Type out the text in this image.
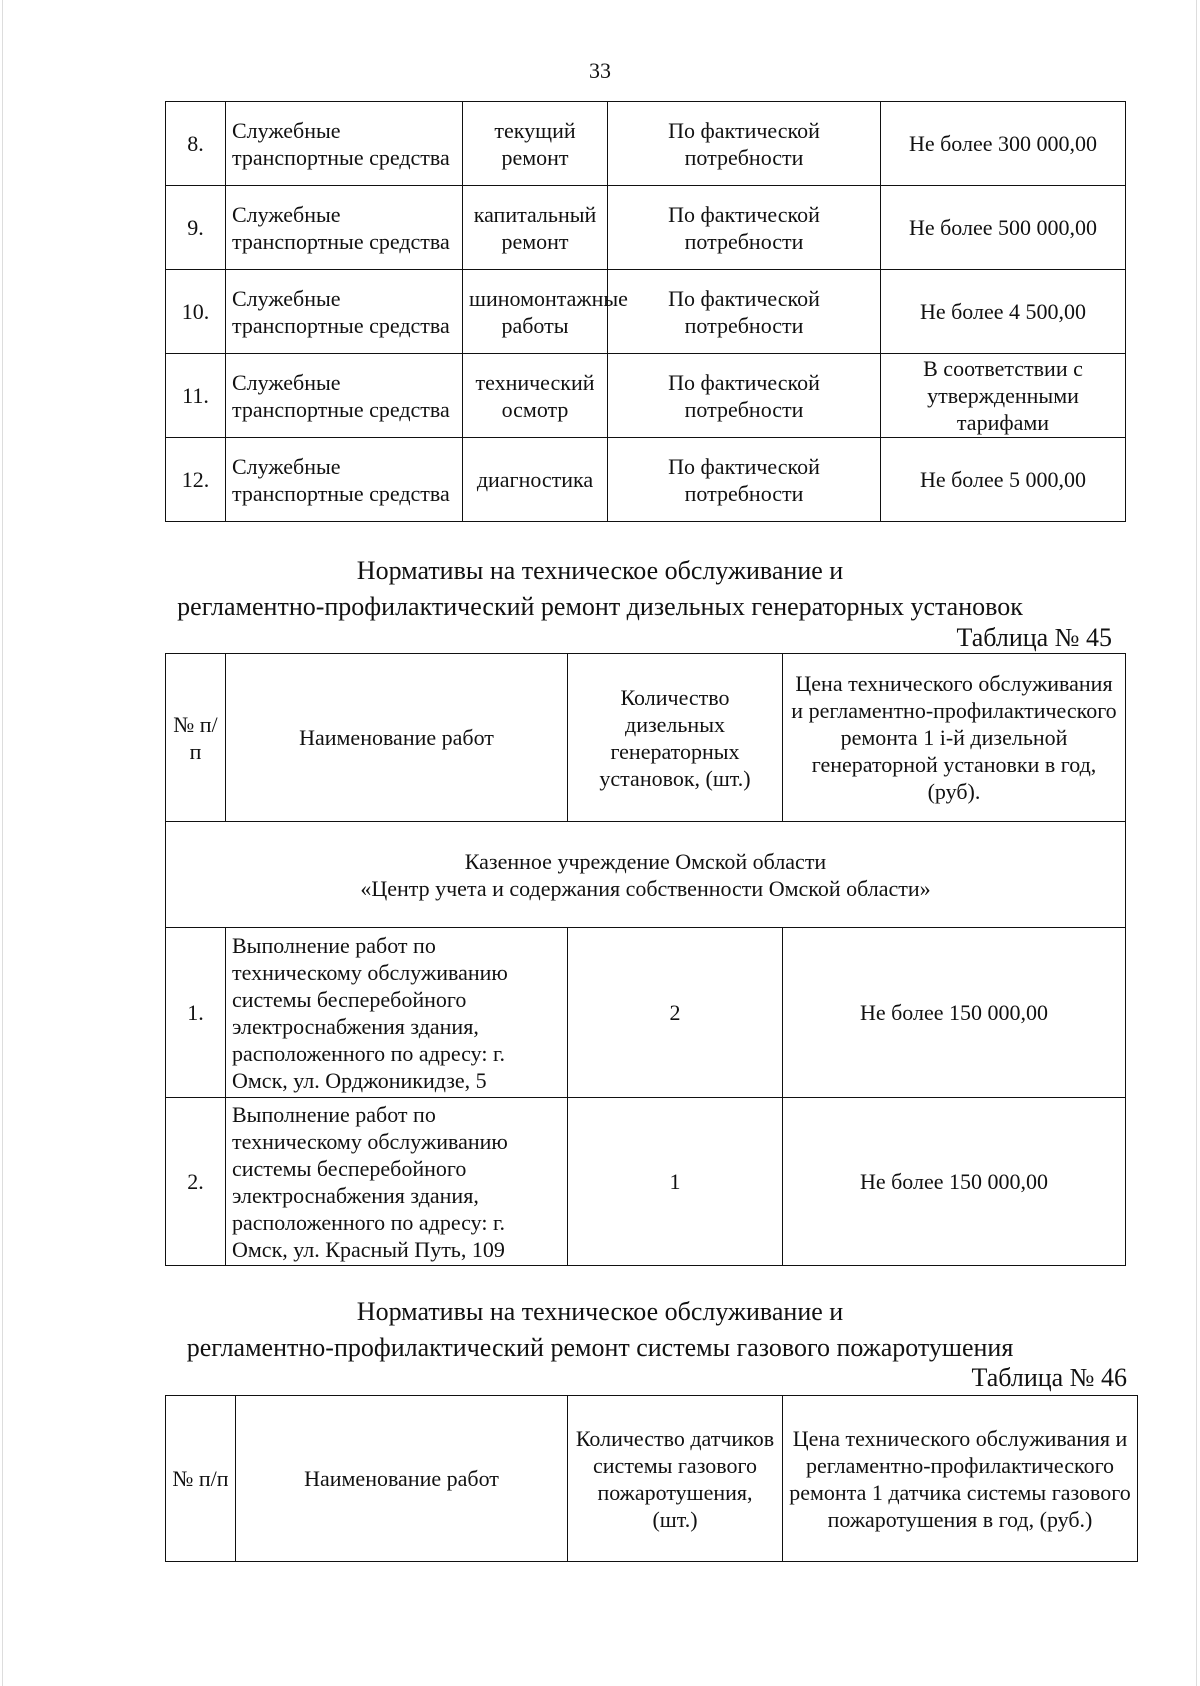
33
8.	Служебные транспортные средства	текущий ремонт	По фактической потребности	Не более 300 000,00
9.	Служебные транспортные средства	капитальный ремонт	По фактической потребности	Не более 500 000,00
10.	Служебные транспортные средства	шиномонтажные работы	По фактической потребности	Не более 4 500,00
11.	Служебные транспортные средства	технический осмотр	По фактической потребности	В соответствии с утвержденными тарифами
12.	Служебные транспортные средства	диагностика	По фактической потребности	Не более 5 000,00
Нормативы на техническое обслуживание и
регламентно-профилактический ремонт дизельных генераторных установок
Таблица № 45
№ п/п	Наименование работ	Количество дизельных генераторных установок, (шт.)	Цена технического обслуживания и регламентно-профилактического ремонта 1 i-й дизельной генераторной установки в год, (руб).

Казенное учреждение Омской области
«Центр учета и содержания собственности Омской области»			

1.	Выполнение работ по техническому обслуживанию системы бесперебойного электроснабжения здания, расположенного по адресу: г. Омск, ул. Орджоникидзе, 5	2	Не более 150 000,00
2.	Выполнение работ по техническому обслуживанию системы бесперебойного электроснабжения здания, расположенного по адресу: г. Омск, ул. Красный Путь, 109	1	Не более 150 000,00
Нормативы на техническое обслуживание и
регламентно-профилактический ремонт системы газового пожаротушения
Таблица № 46
№ п/п	Наименование работ	Количество датчиков системы газового пожаротушения, (шт.)	Цена технического обслуживания и регламентно-профилактического ремонта 1 датчика системы газового пожаротушения в год, (руб.)
